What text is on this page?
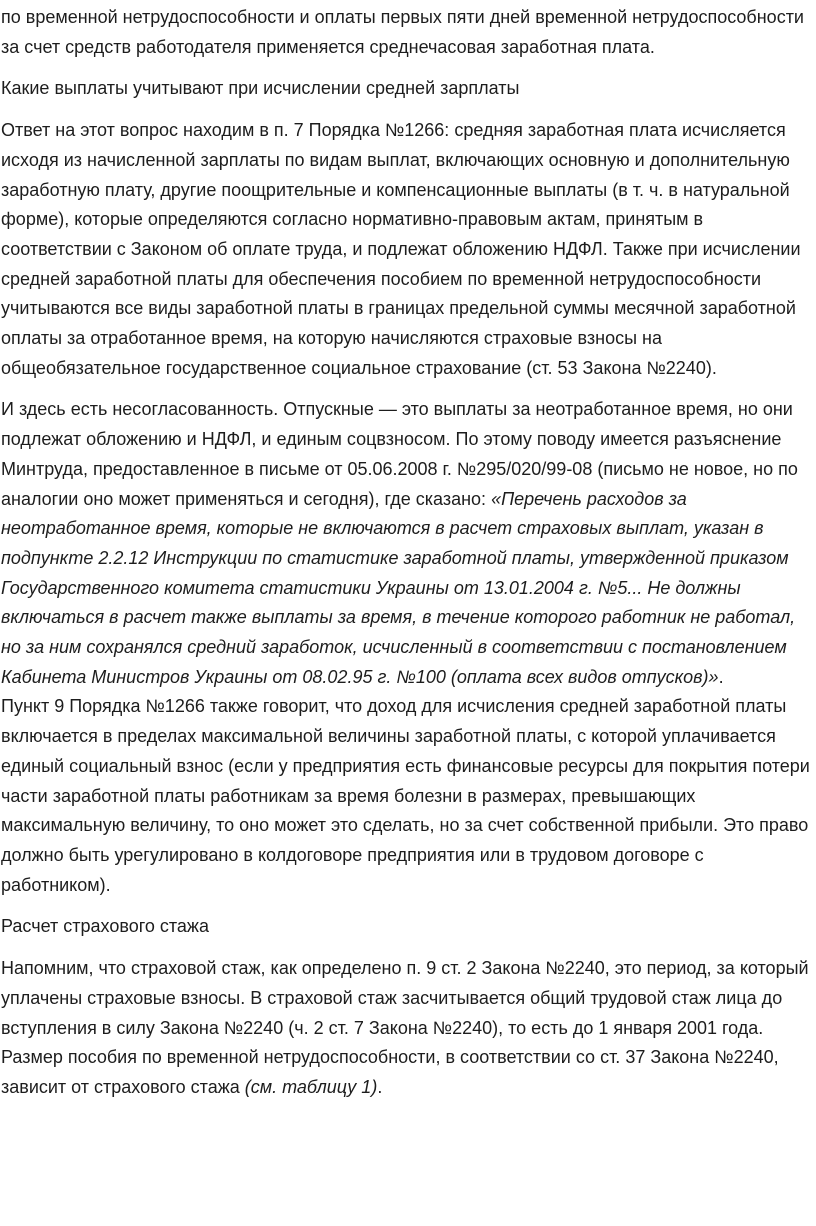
по временной нетрудоспособности и оплаты первых пяти дней временной нетрудоспособности за счет средств работодателя применяется среднечасовая заработная плата.

Какие выплаты учитывают при исчислении средней зарплаты

Ответ на этот вопрос находим в п. 7 Порядка №1266: средняя заработная плата исчисляется исходя из начисленной зарплаты по видам выплат, включающих основную и дополнительную заработную плату, другие поощрительные и компенсационные выплаты (в т. ч. в натуральной форме), которые определяются согласно нормативно-правовым актам, принятым в соответствии с Законом об оплате труда, и подлежат обложению НДФЛ. Также при исчислении средней заработной платы для обеспечения пособием по временной нетрудоспособности учитываются все виды заработной платы в границах предельной суммы месячной заработной оплаты за отработанное время, на которую начисляются страховые взносы на общеобязательное государственное социальное страхование (ст. 53 Закона №2240).

И здесь есть несогласованность. Отпускные — это выплаты за неотработанное время, но они подлежат обложению и НДФЛ, и единым соцвзносом. По этому поводу имеется разъяснение Минтруда, предоставленное в письме от 05.06.2008 г. №295/020/99-08 (письмо не новое, но по аналогии оно может применяться и сегодня), где сказано: «Перечень расходов за неотработанное время, которые не включаются в расчет страховых выплат, указан в подпункте 2.2.12 Инструкции по статистике заработной платы, утвержденной приказом Государственного комитета статистики Украины от 13.01.2004 г. №5... Не должны включаться в расчет также выплаты за время, в течение которого работник не работал, но за ним сохранялся средний заработок, исчисленный в соответствии с постановлением Кабинета Министров Украины от 08.02.95 г. №100 (оплата всех видов отпусков)».

Пункт 9 Порядка №1266 также говорит, что доход для исчисления средней заработной платы включается в пределах максимальной величины заработной платы, с которой уплачивается единый социальный взнос (если у предприятия есть финансовые ресурсы для покрытия потери части заработной платы работникам за время болезни в размерах, превышающих максимальную величину, то оно может это сделать, но за счет собственной прибыли. Это право должно быть урегулировано в колдоговоре предприятия или в трудовом договоре с работником).

Расчет страхового стажа

Напомним, что страховой стаж, как определено п. 9 ст. 2 Закона №2240, это период, за который уплачены страховые взносы. В страховой стаж засчитывается общий трудовой стаж лица до вступления в силу Закона №2240 (ч. 2 ст. 7 Закона №2240), то есть до 1 января 2001 года. Размер пособия по временной нетрудоспособности, в соответствии со ст. 37 Закона №2240, зависит от страхового стажа (см. таблицу 1).
